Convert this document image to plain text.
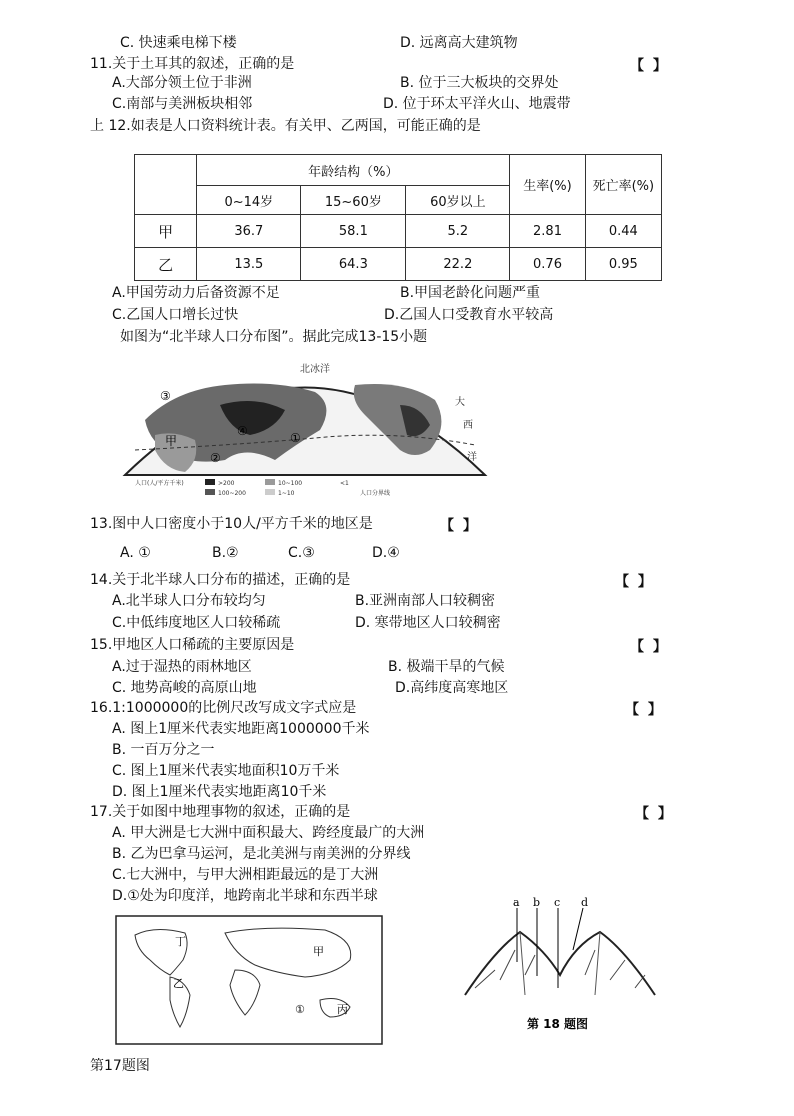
C. 快速乘电梯下楼	D. 远离高大建筑物
11.关于土耳其的叙述，正确的是	【 】
A.大部分领土位于非洲	B. 位于三大板块的交界处
C.南部与美洲板块相邻	D. 位于环太平洋火山、地震带
上 12.如表是人口资料统计表。有关甲、乙两国，可能正确的是
	年龄结构（%）			生率(%)	死亡率(%)
	0~14岁	15~60岁	60岁以上		
甲	36.7	58.1	5.2	2.81	0.44
乙	13.5	64.3	22.2	0.76	0.95
A.甲国劳动力后备资源不足	B.甲国老龄化问题严重
C.乙国人口增长过快	D.乙国人口受教育水平较高
如图为“北半球人口分布图”。据此完成13-15小题
北冰洋
大
西
洋
甲
③
④	①
②
人口(人/平方千米)	>200	10~100	<1
100~200	1~10	人口分界线
13.图中人口密度小于10人/平方千米的地区是	【 】
A. ①	B.②	C.③	D.④
14.关于北半球人口分布的描述，正确的是	【 】
A.北半球人口分布较均匀	B.亚洲南部人口较稠密
C.中低纬度地区人口较稀疏	D. 寒带地区人口较稠密
15.甲地区人口稀疏的主要原因是	【 】
A.过于湿热的雨林地区	B. 极端干旱的气候
C. 地势高峻的高原山地	D.高纬度高寒地区
16.1:1000000的比例尺改写成文字式应是	【 】
A. 图上1厘米代表实地距离1000000千米
B. 一百万分之一
C. 图上1厘米代表实地面积10万千米
D. 图上1厘米代表实地距离10千米
17.关于如图中地理事物的叙述，正确的是	【 】
A. 甲大洲是七大洲中面积最大、跨经度最广的大洲
B. 乙为巴拿马运河，是北美洲与南美洲的分界线
C.七大洲中，与甲大洲相距最远的是丁大洲
D.①处为印度洋，地跨南北半球和东西半球
丁
乙
甲
丙
①
第17题图
a b c d
第 18 题图
